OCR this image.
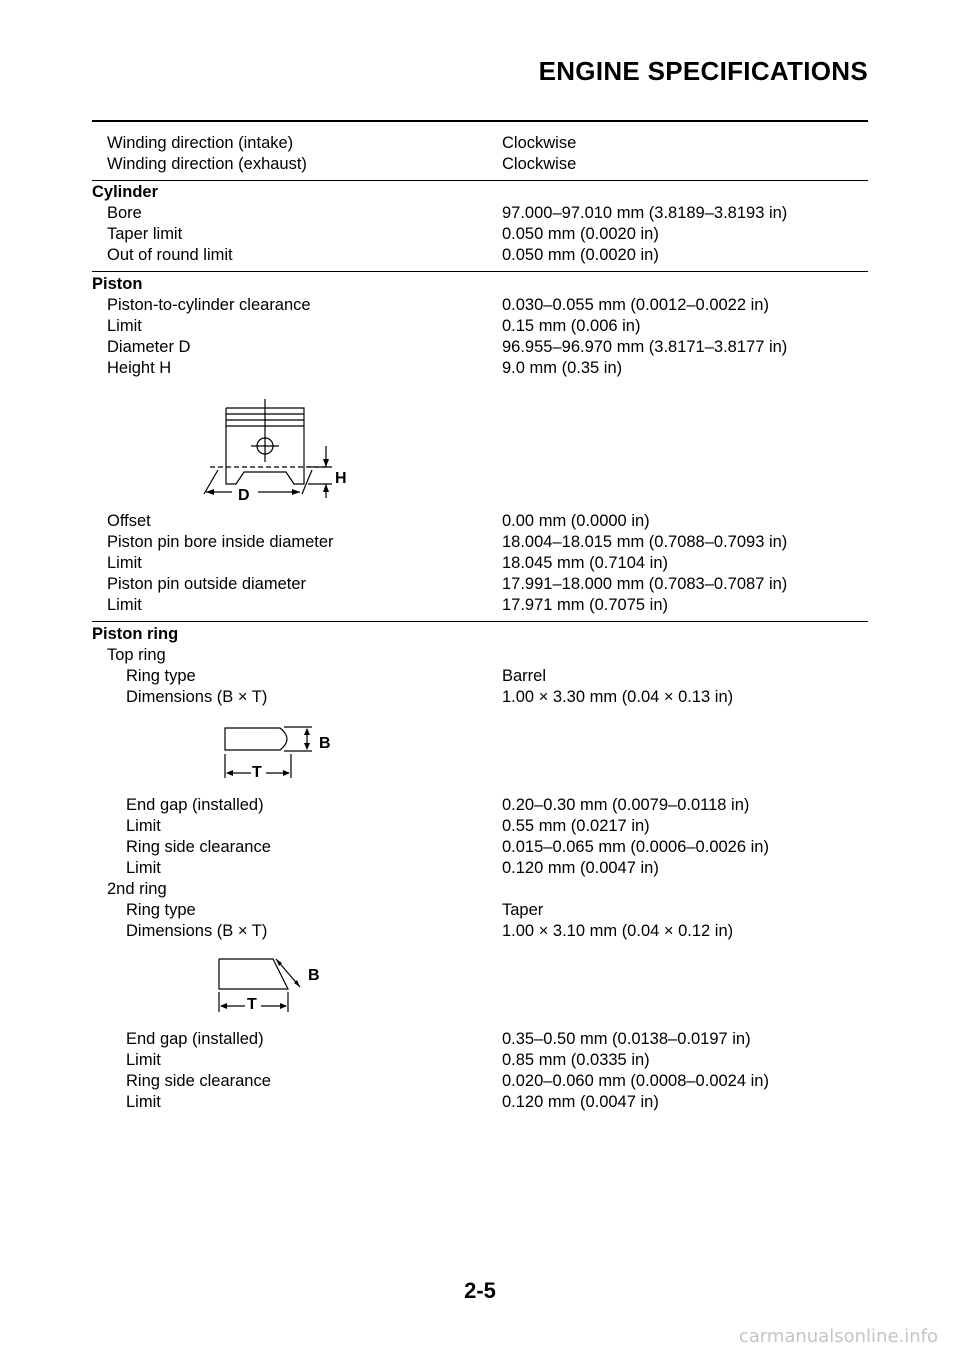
ENGINE SPECIFICATIONS
Winding direction (intake)	Clockwise
Winding direction (exhaust)	Clockwise
Cylinder
Bore	97.000–97.010 mm (3.8189–3.8193 in)
Taper limit	0.050 mm (0.0020 in)
Out of round limit	0.050 mm (0.0020 in)
Piston
Piston-to-cylinder clearance	0.030–0.055 mm (0.0012–0.0022 in)
Limit	0.15 mm (0.006 in)
Diameter D	96.955–96.970 mm (3.8171–3.8177 in)
Height H	9.0 mm (0.35 in)
H
D
Offset	0.00 mm (0.0000 in)
Piston pin bore inside diameter	18.004–18.015 mm (0.7088–0.7093 in)
Limit	18.045 mm (0.7104 in)
Piston pin outside diameter	17.991–18.000 mm (0.7083–0.7087 in)
Limit	17.971 mm (0.7075 in)
Piston ring
Top ring
Ring type	Barrel
Dimensions (B × T)	1.00 × 3.30 mm (0.04 × 0.13 in)
B
T
End gap (installed)	0.20–0.30 mm (0.0079–0.0118 in)
Limit	0.55 mm (0.0217 in)
Ring side clearance	0.015–0.065 mm (0.0006–0.0026 in)
Limit	0.120 mm (0.0047 in)
2nd ring
Ring type	Taper
Dimensions (B × T)	1.00 × 3.10 mm (0.04 × 0.12 in)
B
T
End gap (installed)	0.35–0.50 mm (0.0138–0.0197 in)
Limit	0.85 mm (0.0335 in)
Ring side clearance	0.020–0.060 mm (0.0008–0.0024 in)
Limit	0.120 mm (0.0047 in)
2-5
carmanualsonline.info
